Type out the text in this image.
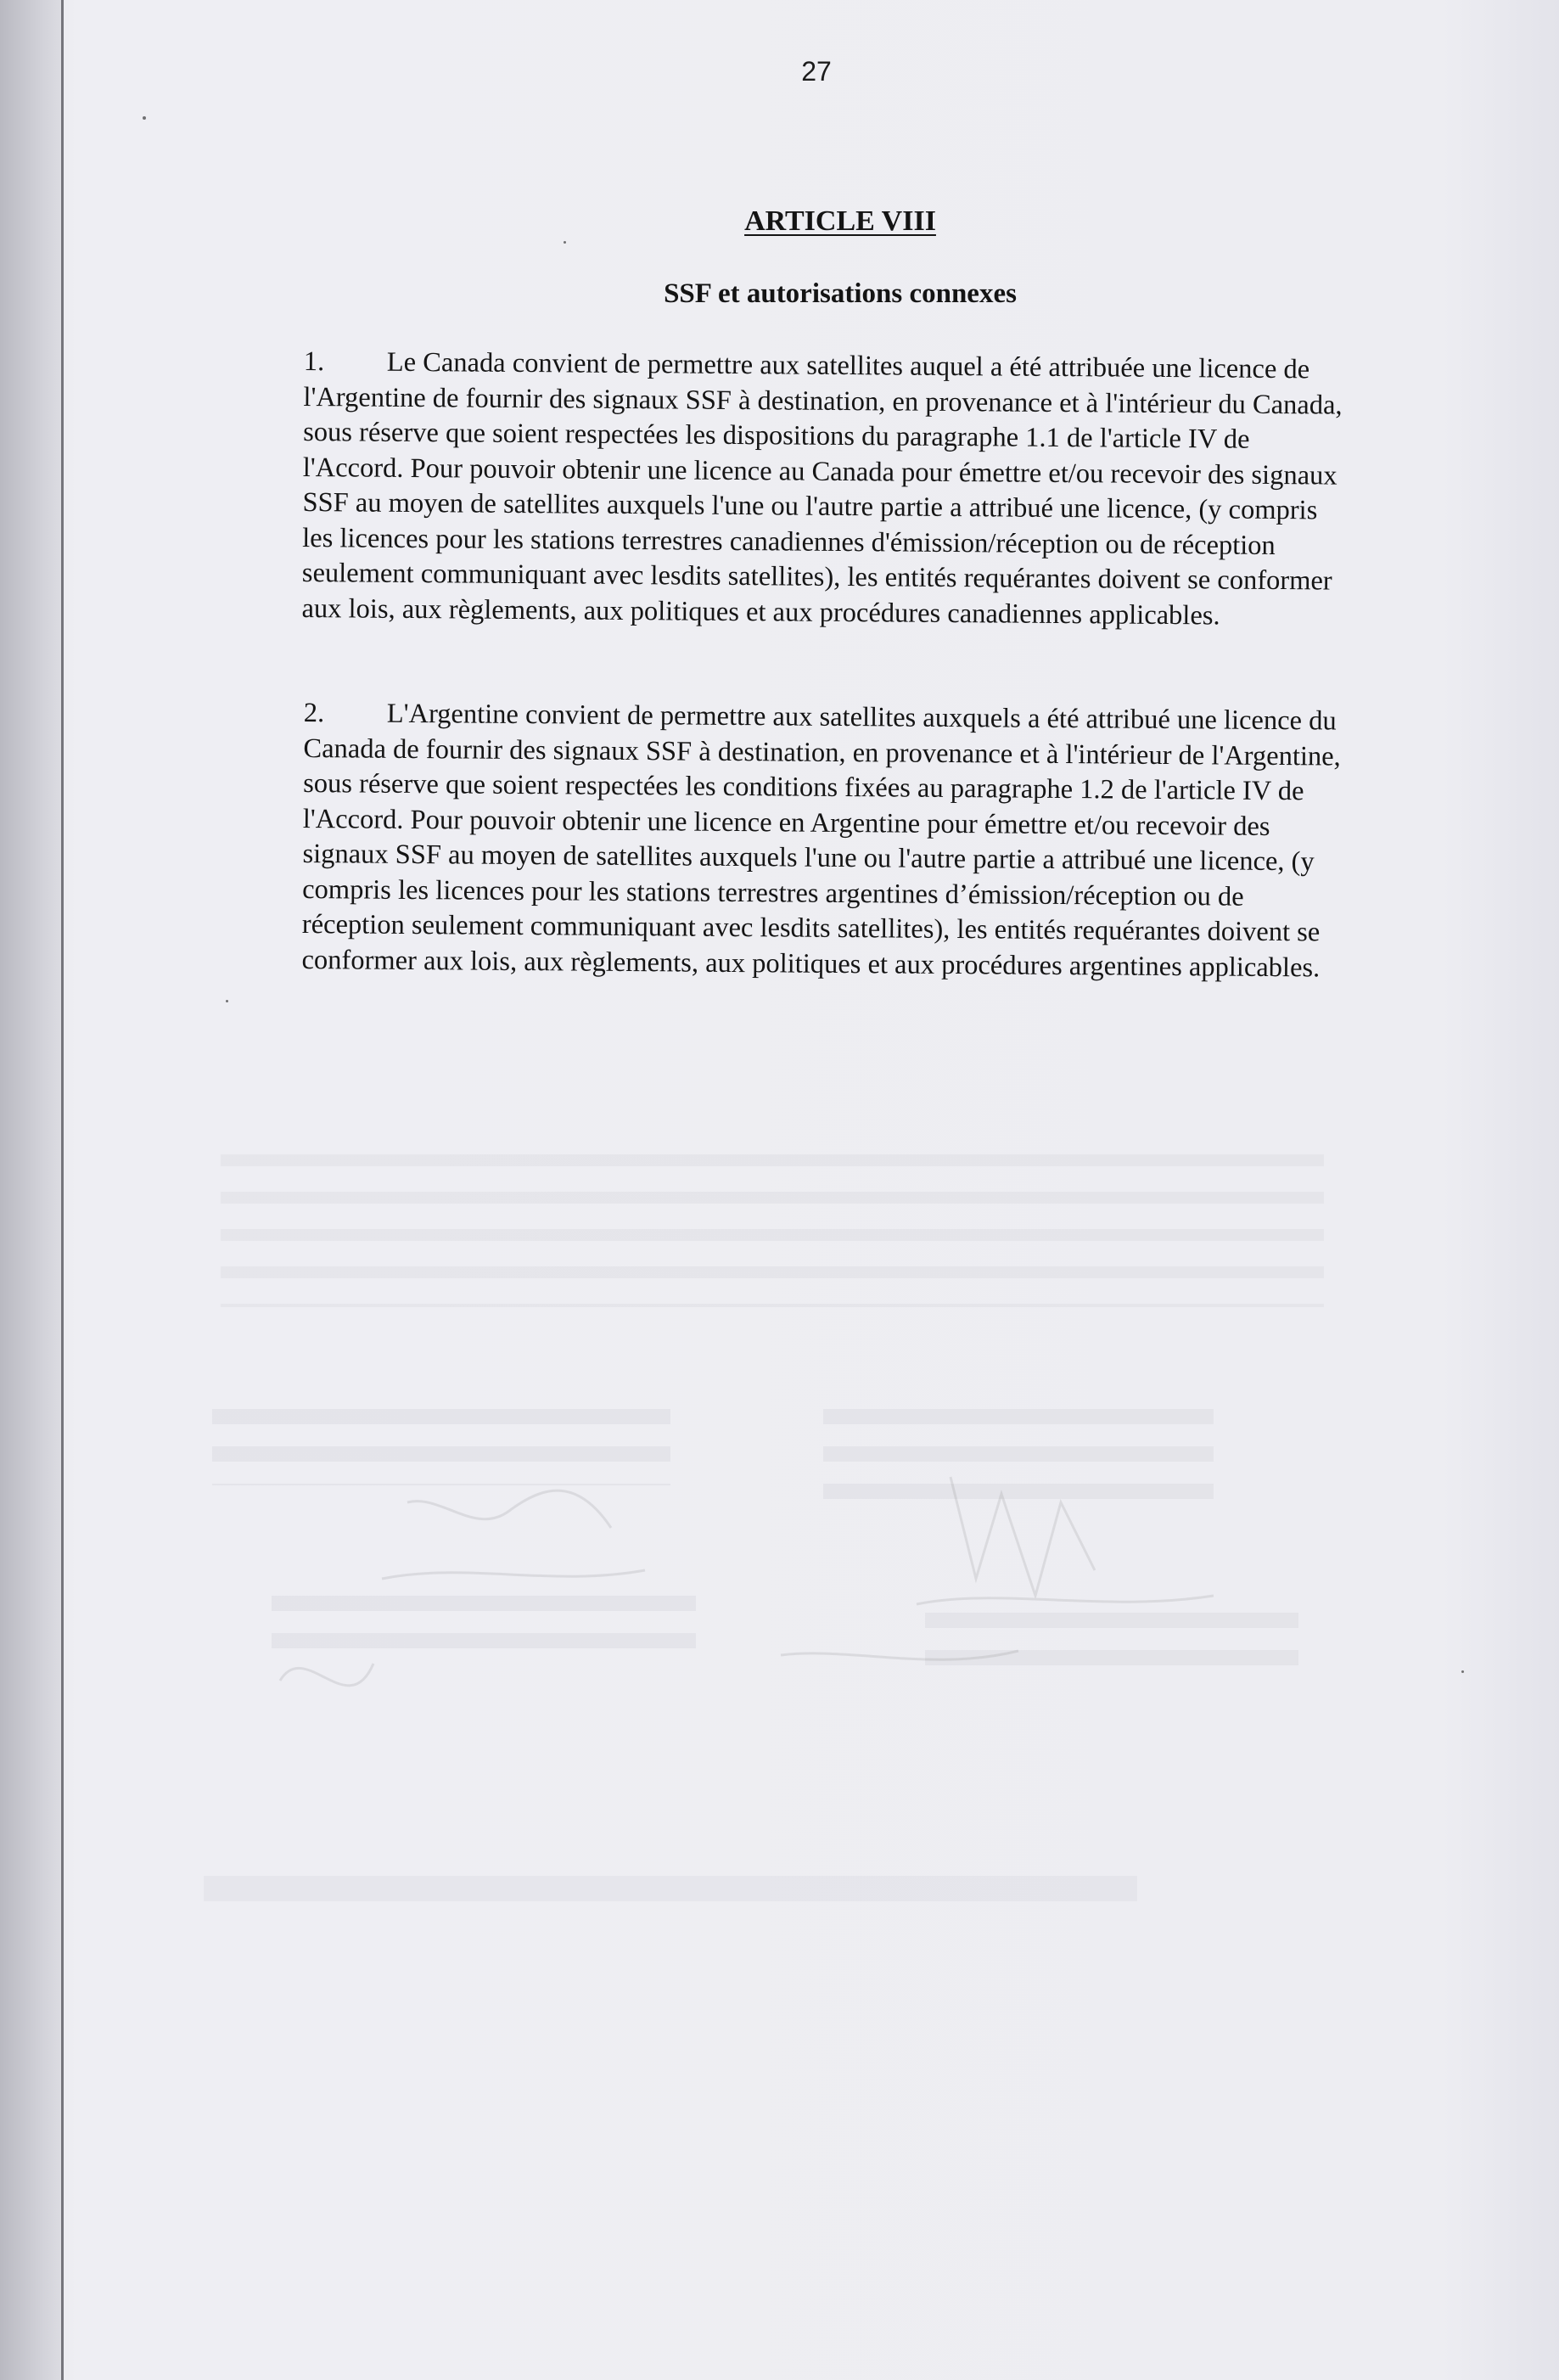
27
ARTICLE VIII
SSF et autorisations connexes
1. Le Canada convient de permettre aux satellites auquel a été attribuée une licence de l'Argentine de fournir des signaux SSF à destination, en provenance et à l'intérieur du Canada, sous réserve que soient respectées les dispositions du paragraphe 1.1 de l'article IV de l'Accord. Pour pouvoir obtenir une licence au Canada pour émettre et/ou recevoir des signaux SSF au moyen de satellites auxquels l'une ou l'autre partie a attribué une licence, (y compris les licences pour les stations terrestres canadiennes d'émission/réception ou de réception seulement communiquant avec lesdits satellites), les entités requérantes doivent se conformer aux lois, aux règlements, aux politiques et aux procédures canadiennes applicables.
2. L'Argentine convient de permettre aux satellites auxquels a été attribué une licence du Canada de fournir des signaux SSF à destination, en provenance et à l'intérieur de l'Argentine, sous réserve que soient respectées les conditions fixées au paragraphe 1.2 de l'article IV de l'Accord. Pour pouvoir obtenir une licence en Argentine pour émettre et/ou recevoir des signaux SSF au moyen de satellites auxquels l'une ou l'autre partie a attribué une licence, (y compris les licences pour les stations terrestres argentines d’émission/réception ou de réception seulement communiquant avec lesdits satellites), les entités requérantes doivent se conformer aux lois, aux règlements, aux politiques et aux procédures argentines applicables.
